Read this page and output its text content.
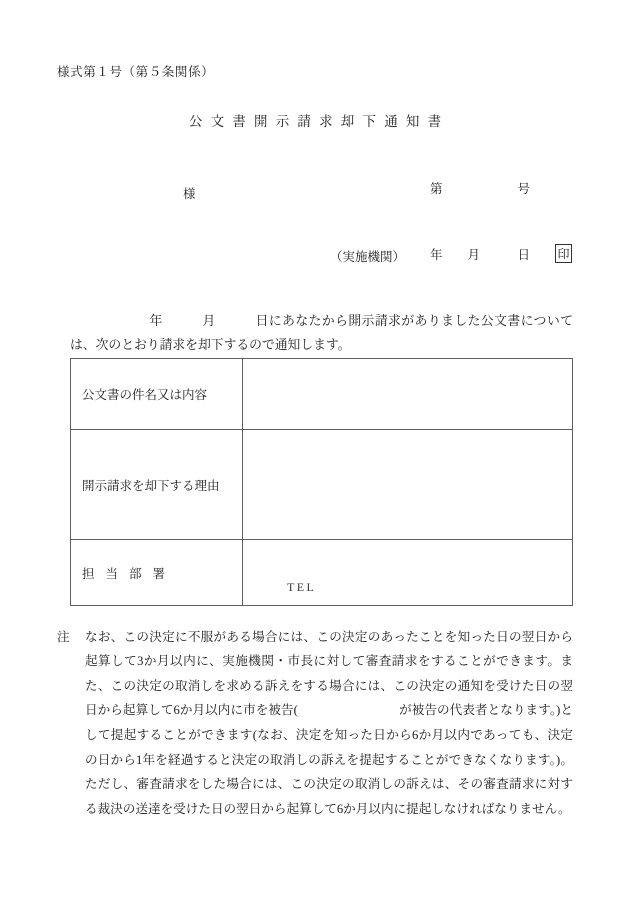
様式第１号（第５条関係）
公文書開示請求却下通知書

第　　　　　　号

年　　月　　　日

様
（実施機関）	印

　　　　　　年　　　月　　　日にあなたから開示請求がありました公文書については、次のとおり請求を却下するので通知します。

公文書の件名又は内容	
開示請求を却下する理由	
担当部署	TEL

注	なお、この決定に不服がある場合には、この決定のあったことを知った日の翌日から起算して3か月以内に、実施機関・市長に対して審査請求をすることができます。また、この決定の取消しを求める訴えをする場合には、この決定の通知を受けた日の翌日から起算して6か月以内に市を被告(　　　　　　　　	が被告の代表者となります。)として提起することができます(なお、決定を知った日から6か月以内であっても、決定の日から1年を経過すると決定の取消しの訴えを提起することができなくなります。)。ただし、審査請求をした場合には、この決定の取消しの訴えは、その審査請求に対する裁決の送達を受けた日の翌日から起算して6か月以内に提起しなければなりません。
